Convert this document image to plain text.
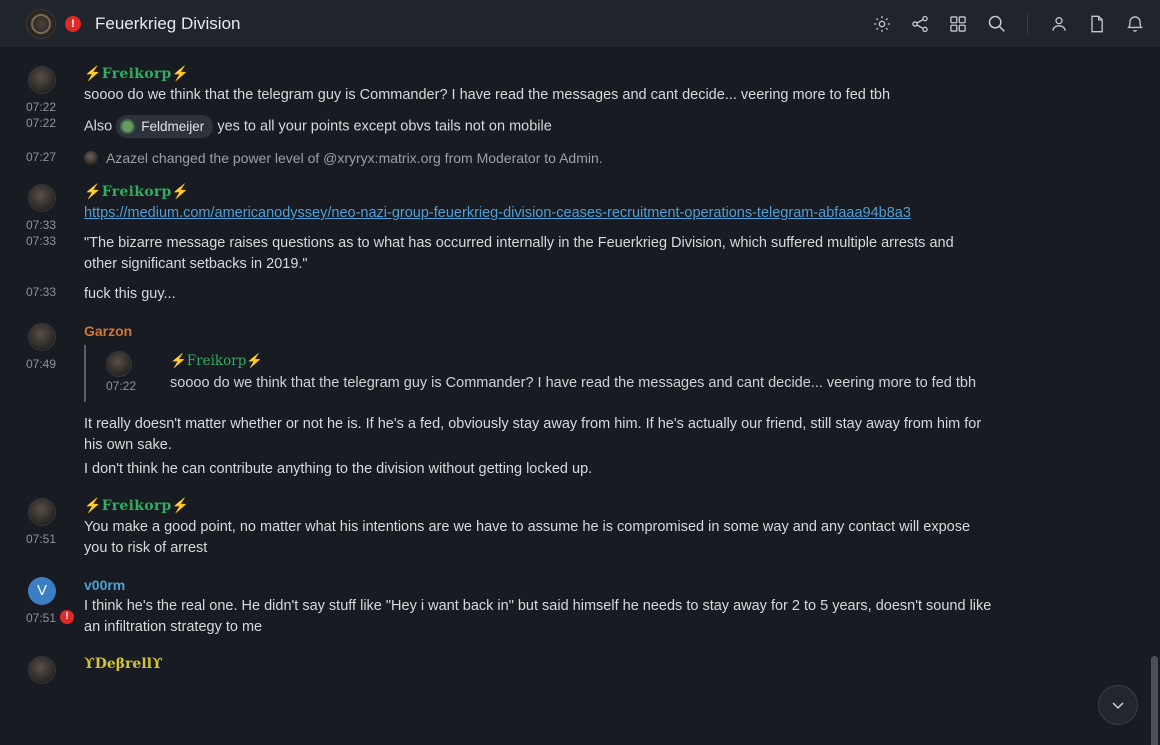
!	Feuerkrieg Division
07:22
⚡Freikorp⚡
soooo do we think that the telegram guy is Commander? I have read the messages and cant decide... veering more to fed tbh
07:22 Also Feldmeijer yes to all your points except obvs tails not on mobile
07:27	Azazel changed the power level of @xryryx:matrix.org from Moderator to Admin.
07:33
⚡Freikorp⚡
https://medium.com/americanodyssey/neo-nazi-group-feuerkrieg-division-ceases-recruitment-operations-telegram-abfaaa94b8a3
07:33 "The bizarre message raises questions as to what has occurred internally in the Feuerkrieg Division, which suffered multiple arrests and other significant setbacks in 2019."
07:33 fuck this guy...
07:49
Garzon
07:22
⚡Freikorp⚡
soooo do we think that the telegram guy is Commander? I have read the messages and cant decide... veering more to fed tbh
It really doesn't matter whether or not he is. If he's a fed, obviously stay away from him. If he's actually our friend, still stay away from him for his own sake.
I don't think he can contribute anything to the division without getting locked up.
07:51
⚡Freikorp⚡
You make a good point, no matter what his intentions are we have to assume he is compromised in some way and any contact will expose you to risk of arrest
V
07:51 !
v00rm
I think he's the real one. He didn't say stuff like "Hey i want back in" but said himself he needs to stay away for 2 to 5 years, doesn't sound like an infiltration strategy to me
ϒDeβrellϒ
